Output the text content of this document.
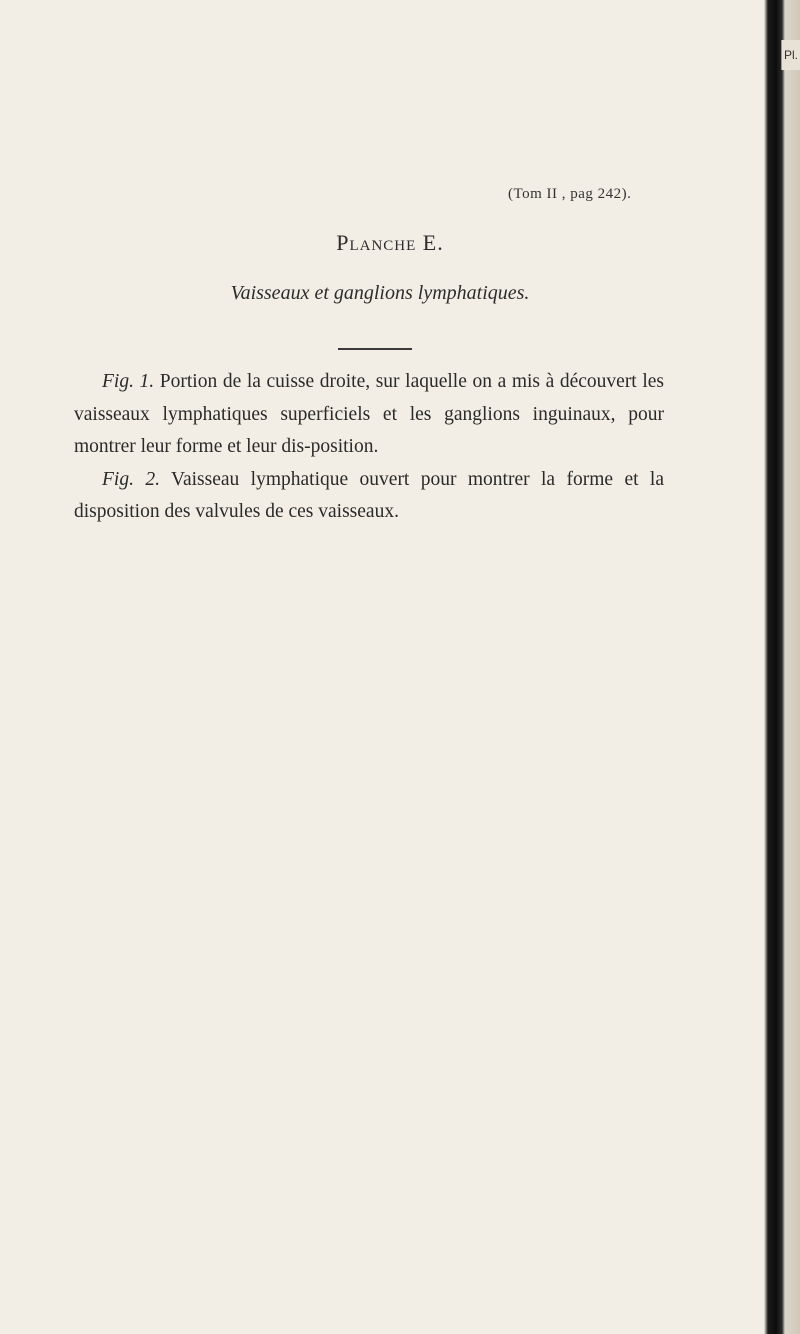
(Tom II , pag 242).
Planche E.
Vaisseaux et ganglions lymphatiques.

Fig. 1. Portion de la cuisse droite, sur laquelle on a mis à découvert les vaisseaux lymphatiques superficiels et les ganglions inguinaux, pour montrer leur forme et leur dis-position.

Fig. 2. Vaisseau lymphatique ouvert pour montrer la forme et la disposition des valvules de ces vaisseaux.

Pl.
